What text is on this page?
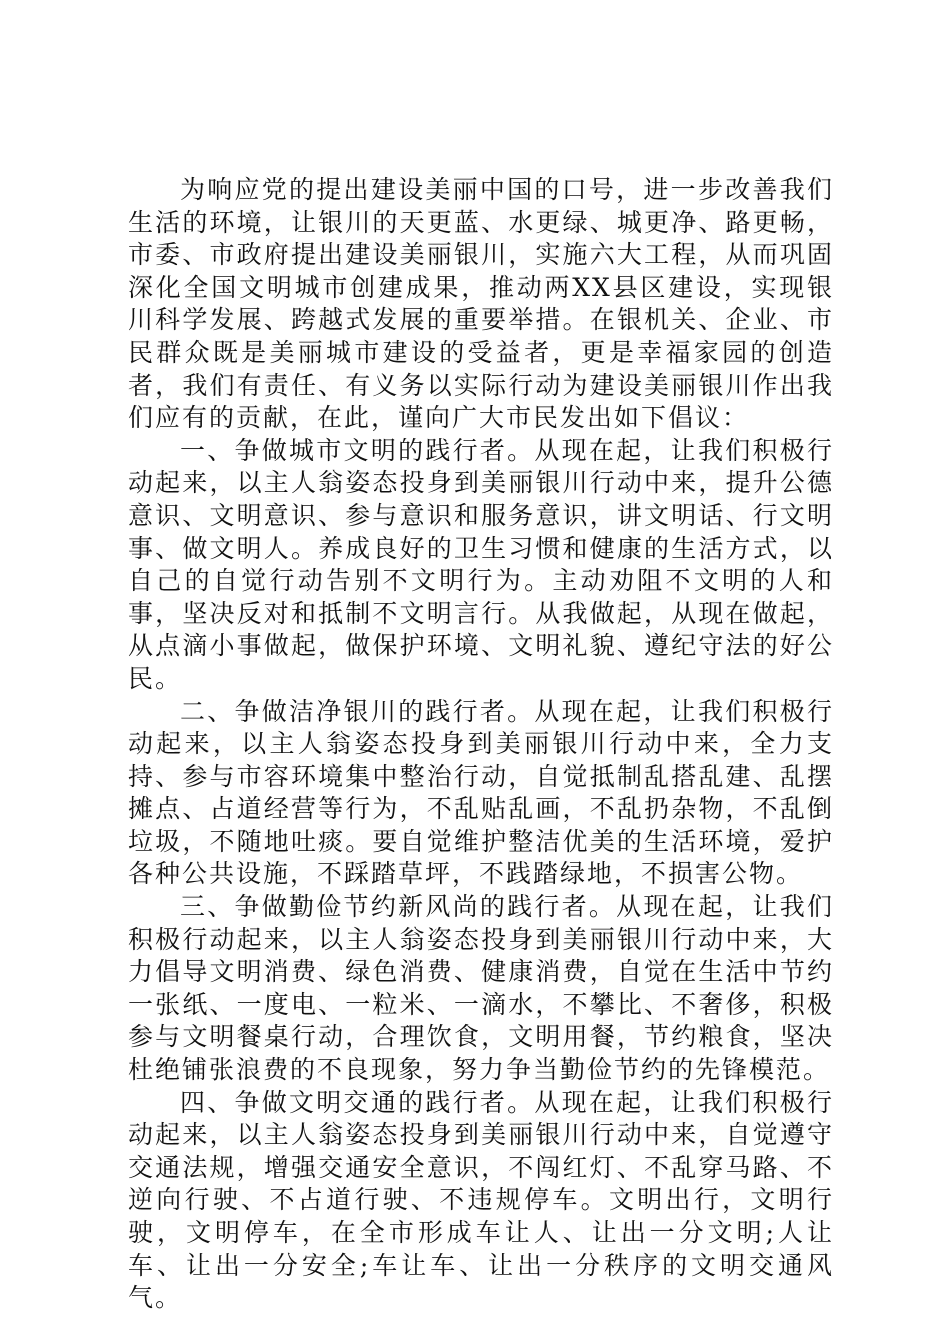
为响应党的提出建设美丽中国的口号，进一步改善我们生活的环境，让银川的天更蓝、水更绿、城更净、路更畅，市委、市政府提出建设美丽银川，实施六大工程，从而巩固深化全国文明城市创建成果，推动两XX县区建设，实现银川科学发展、跨越式发展的重要举措。在银机关、企业、市民群众既是美丽城市建设的受益者，更是幸福家园的创造者，我们有责任、有义务以实际行动为建设美丽银川作出我们应有的贡献，在此，谨向广大市民发出如下倡议：

一、争做城市文明的践行者。从现在起，让我们积极行动起来，以主人翁姿态投身到美丽银川行动中来，提升公德意识、文明意识、参与意识和服务意识，讲文明话、行文明事、做文明人。养成良好的卫生习惯和健康的生活方式，以自己的自觉行动告别不文明行为。主动劝阻不文明的人和事，坚决反对和抵制不文明言行。从我做起，从现在做起，从点滴小事做起，做保护环境、文明礼貌、遵纪守法的好公民。

二、争做洁净银川的践行者。从现在起，让我们积极行动起来，以主人翁姿态投身到美丽银川行动中来，全力支持、参与市容环境集中整治行动，自觉抵制乱搭乱建、乱摆摊点、占道经营等行为，不乱贴乱画，不乱扔杂物，不乱倒垃圾，不随地吐痰。要自觉维护整洁优美的生活环境，爱护各种公共设施，不踩踏草坪，不践踏绿地，不损害公物。

三、争做勤俭节约新风尚的践行者。从现在起，让我们积极行动起来，以主人翁姿态投身到美丽银川行动中来，大力倡导文明消费、绿色消费、健康消费，自觉在生活中节约一张纸、一度电、一粒米、一滴水，不攀比、不奢侈，积极参与文明餐桌行动，合理饮食，文明用餐，节约粮食，坚决杜绝铺张浪费的不良现象，努力争当勤俭节约的先锋模范。

四、争做文明交通的践行者。从现在起，让我们积极行动起来，以主人翁姿态投身到美丽银川行动中来，自觉遵守交通法规，增强交通安全意识，不闯红灯、不乱穿马路、不逆向行驶、不占道行驶、不违规停车。文明出行，文明行驶，文明停车，在全市形成车让人、让出一分文明;人让车、让出一分安全;车让车、让出一分秩序的文明交通风气。
